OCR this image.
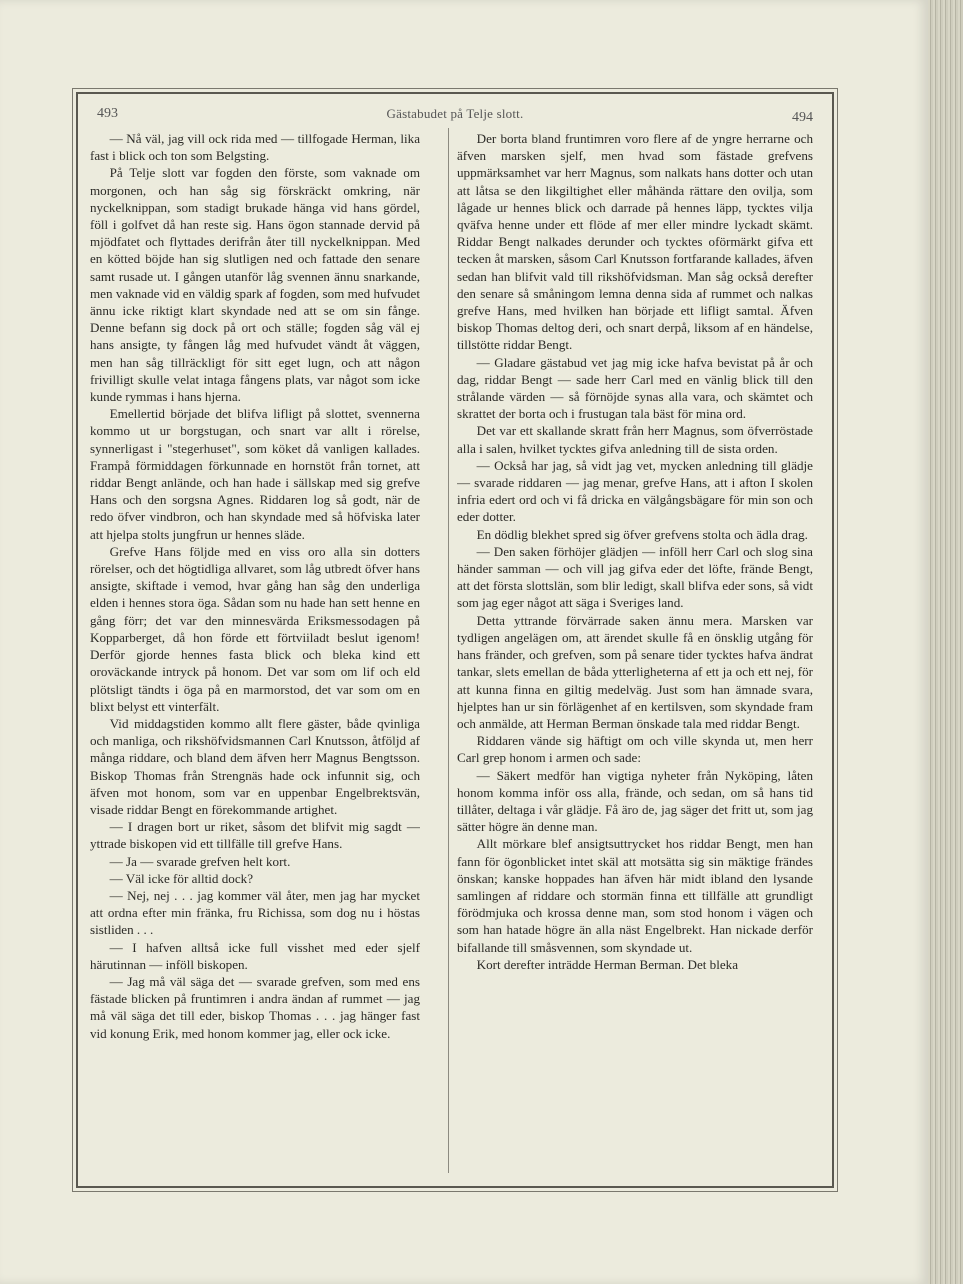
493	Gästabudet på Telje slott.	494

— Nå väl, jag vill ock rida med — tillfogade Herman, lika fast i blick och ton som Belgsting.

På Telje slott var fogden den förste, som vaknade om morgonen, och han såg sig förskräckt omkring, när nyckelknippan, som stadigt brukade hänga vid hans gördel, föll i golfvet då han reste sig. Hans ögon stannade dervid på mjödfatet och flyttades derifrån åter till nyckelknippan. Med en kötted böjde han sig slutligen ned och fattade den senare samt rusade ut. I gången utanför låg svennen ännu snarkande, men vaknade vid en väldig spark af fogden, som med hufvudet ännu icke riktigt klart skyndade ned att se om sin fånge. Denne befann sig dock på ort och ställe; fogden såg väl ej hans ansigte, ty fången låg med hufvudet vändt åt väggen, men han såg tillräckligt för sitt eget lugn, och att någon frivilligt skulle velat intaga fångens plats, var något som icke kunde rymmas i hans hjerna.

Emellertid började det blifva lifligt på slottet, svennerna kommo ut ur borgstugan, och snart var allt i rörelse, synnerligast i "stegerhuset", som köket då vanligen kallades. Frampå förmiddagen förkunnade en hornstöt från tornet, att riddar Bengt anlände, och han hade i sällskap med sig grefve Hans och den sorgsna Agnes. Riddaren log så godt, när de redo öfver vindbron, och han skyndade med så höfviska later att hjelpa stolts jungfrun ur hennes släde.

Grefve Hans följde med en viss oro alla sin dotters rörelser, och det högtidliga allvaret, som låg utbredt öfver hans ansigte, skiftade i vemod, hvar gång han såg den underliga elden i hennes stora öga. Sådan som nu hade han sett henne en gång förr; det var den minnesvärda Eriksmessodagen på Kopparberget, då hon förde ett förtviiladt beslut igenom! Derför gjorde hennes fasta blick och bleka kind ett oroväckande intryck på honom. Det var som om lif och eld plötsligt tändts i öga på en marmorstod, det var som om en blixt belyst ett vinterfält.

Vid middagstiden kommo allt flere gäster, både qvinliga och manliga, och rikshöfvidsmannen Carl Knutsson, åtföljd af många riddare, och bland dem äfven herr Magnus Bengtsson. Biskop Thomas från Strengnäs hade ock infunnit sig, och äfven mot honom, som var en uppenbar Engelbrektsvän, visade riddar Bengt en förekommande artighet.

— I dragen bort ur riket, såsom det blifvit mig sagdt — yttrade biskopen vid ett tillfälle till grefve Hans.

— Ja — svarade grefven helt kort.

— Väl icke för alltid dock?

— Nej, nej . . . jag kommer väl åter, men jag har mycket att ordna efter min fränka, fru Richissa, som dog nu i höstas sistliden . . .

— I hafven alltså icke full visshet med eder sjelf härutinnan — inföll biskopen.

— Jag må väl säga det — svarade grefven, som med ens fästade blicken på fruntimren i andra ändan af rummet — jag må väl säga det till eder, biskop Thomas . . . jag hänger fast vid konung Erik, med honom kommer jag, eller ock icke.

Der borta bland fruntimren voro flere af de yngre herrarne och äfven marsken sjelf, men hvad som fästade grefvens uppmärksamhet var herr Magnus, som nalkats hans dotter och utan att låtsa se den likgiltighet eller måhända rättare den ovilja, som lågade ur hennes blick och darrade på hennes läpp, tycktes vilja qväfva henne under ett flöde af mer eller mindre lyckadt skämt. Riddar Bengt nalkades derunder och tycktes oförmärkt gifva ett tecken åt marsken, såsom Carl Knutsson fortfarande kallades, äfven sedan han blifvit vald till rikshöfvidsman. Man såg också derefter den senare så småningom lemna denna sida af rummet och nalkas grefve Hans, med hvilken han började ett lifligt samtal. Äfven biskop Thomas deltog deri, och snart derpå, liksom af en händelse, tillstötte riddar Bengt.

— Gladare gästabud vet jag mig icke hafva bevistat på år och dag, riddar Bengt — sade herr Carl med en vänlig blick till den strålande värden — så förnöjde synas alla vara, och skämtet och skrattet der borta och i frustugan tala bäst för mina ord.

Det var ett skallande skratt från herr Magnus, som öfverröstade alla i salen, hvilket tycktes gifva anledning till de sista orden.

— Också har jag, så vidt jag vet, mycken anledning till glädje — svarade riddaren — jag menar, grefve Hans, att i afton I skolen infria edert ord och vi få dricka en välgångsbägare för min son och eder dotter.

En dödlig blekhet spred sig öfver grefvens stolta och ädla drag.

— Den saken förhöjer glädjen — inföll herr Carl och slog sina händer samman — och vill jag gifva eder det löfte, frände Bengt, att det första slottslän, som blir ledigt, skall blifva eder sons, så vidt som jag eger något att säga i Sveriges land.

Detta yttrande förvärrade saken ännu mera. Marsken var tydligen angelägen om, att ärendet skulle få en önsklig utgång för hans fränder, och grefven, som på senare tider tycktes hafva ändrat tankar, slets emellan de båda ytterligheterna af ett ja och ett nej, för att kunna finna en giltig medelväg. Just som han ämnade svara, hjelptes han ur sin förlägenhet af en kertilsven, som skyndade fram och anmälde, att Herman Berman önskade tala med riddar Bengt.

Riddaren vände sig häftigt om och ville skynda ut, men herr Carl grep honom i armen och sade:

— Säkert medför han vigtiga nyheter från Nyköping, låten honom komma inför oss alla, frände, och sedan, om så hans tid tillåter, deltaga i vår glädje. Få äro de, jag säger det fritt ut, som jag sätter högre än denne man.

Allt mörkare blef ansigtsuttrycket hos riddar Bengt, men han fann för ögonblicket intet skäl att motsätta sig sin mäktige frändes önskan; kanske hoppades han äfven här midt ibland den lysande samlingen af riddare och stormän finna ett tillfälle att grundligt förödmjuka och krossa denne man, som stod honom i vägen och som han hatade högre än alla näst Engelbrekt. Han nickade derför bifallande till småsvennen, som skyndade ut.

Kort derefter inträdde Herman Berman. Det bleka
